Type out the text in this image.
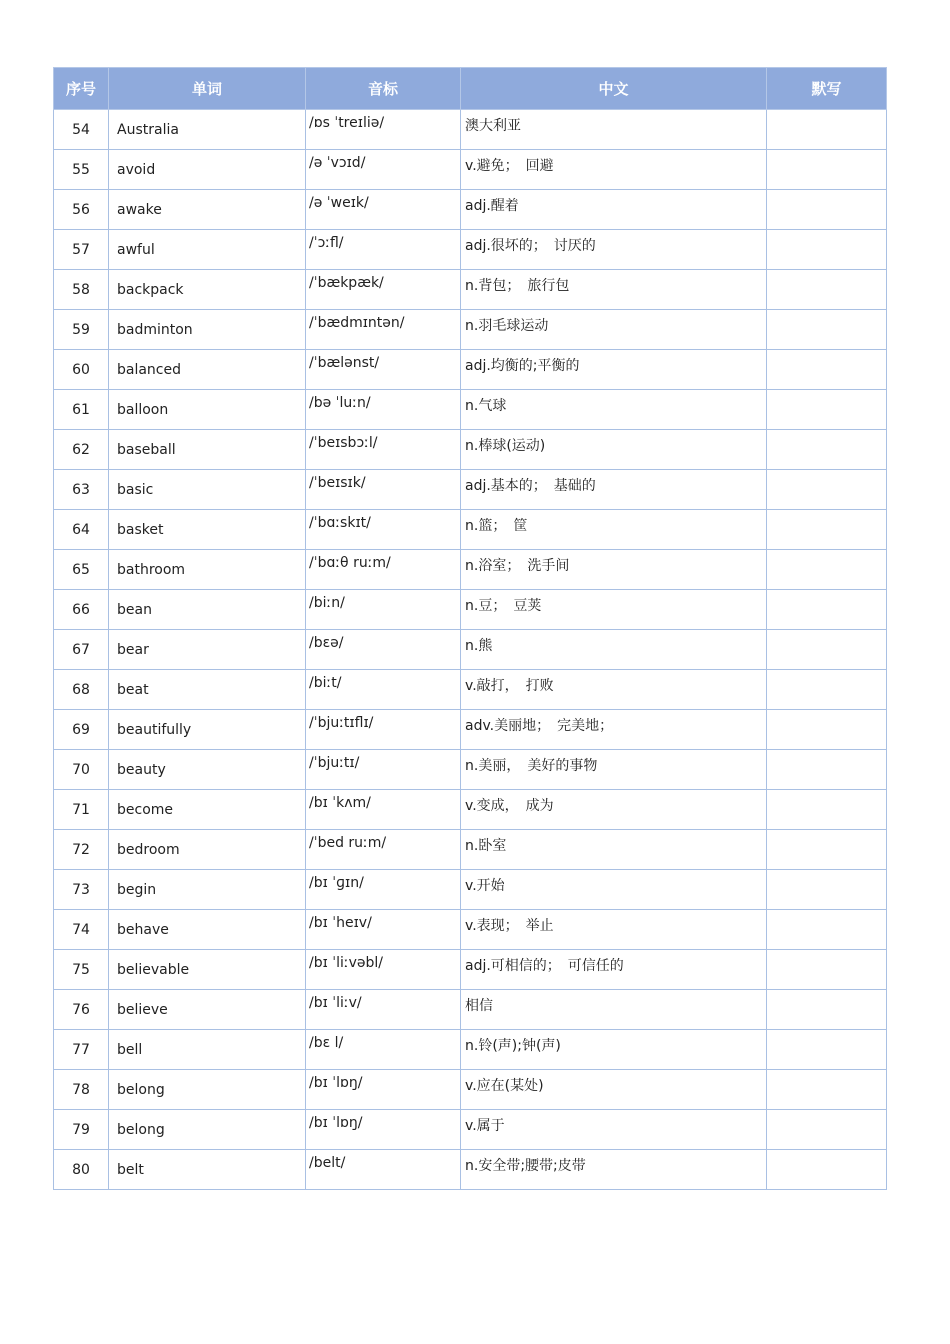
序号	单词	音标	中文	默写

54	Australia	/ɒs ˈtreɪliə/	澳大利亚	

55	avoid	/ə ˈvɔɪd/	v.避免；　回避	

56	awake	/ə ˈweɪk/	adj.醒着	

57	awful	/ˈɔːfl/	adj.很坏的；　讨厌的	

58	backpack	/ˈbækpæk/	n.背包；　旅行包	

59	badminton	/ˈbædmɪntən/	n.羽毛球运动	

60	balanced	/ˈbælənst/	adj.均衡的;平衡的	

61	balloon	/bə ˈluːn/	n.气球	

62	baseball	/ˈbeɪsbɔːl/	n.棒球(运动)	

63	basic	/ˈbeɪsɪk/	adj.基本的；　基础的	

64	basket	/ˈbɑːskɪt/	n.篮；　筐	

65	bathroom	/ˈbɑːθ ruːm/	n.浴室；　洗手间	

66	bean	/biːn/	n.豆；　豆荚	

67	bear	/bɛə/	n.熊	

68	beat	/biːt/	v.敲打，　打败	

69	beautifully	/ˈbjuːtɪflɪ/	adv.美丽地；　完美地；	

70	beauty	/ˈbjuːtɪ/	n.美丽，　美好的事物	

71	become	/bɪ ˈkʌm/	v.变成，　成为	

72	bedroom	/ˈbed ruːm/	n.卧室	

73	begin	/bɪ ˈɡɪn/	v.开始	

74	behave	/bɪ ˈheɪv/	v.表现；　举止	

75	believable	/bɪ ˈliːvəbl/	adj.可相信的；　可信任的	

76	believe	/bɪ ˈliːv/	相信	

77	bell	/bɛ l/	n.铃(声);钟(声)	

78	belong	/bɪ ˈlɒŋ/	v.应在(某处)	

79	belong	/bɪ ˈlɒŋ/	v.属于	

80	belt	/belt/	n.安全带;腰带;皮带	
